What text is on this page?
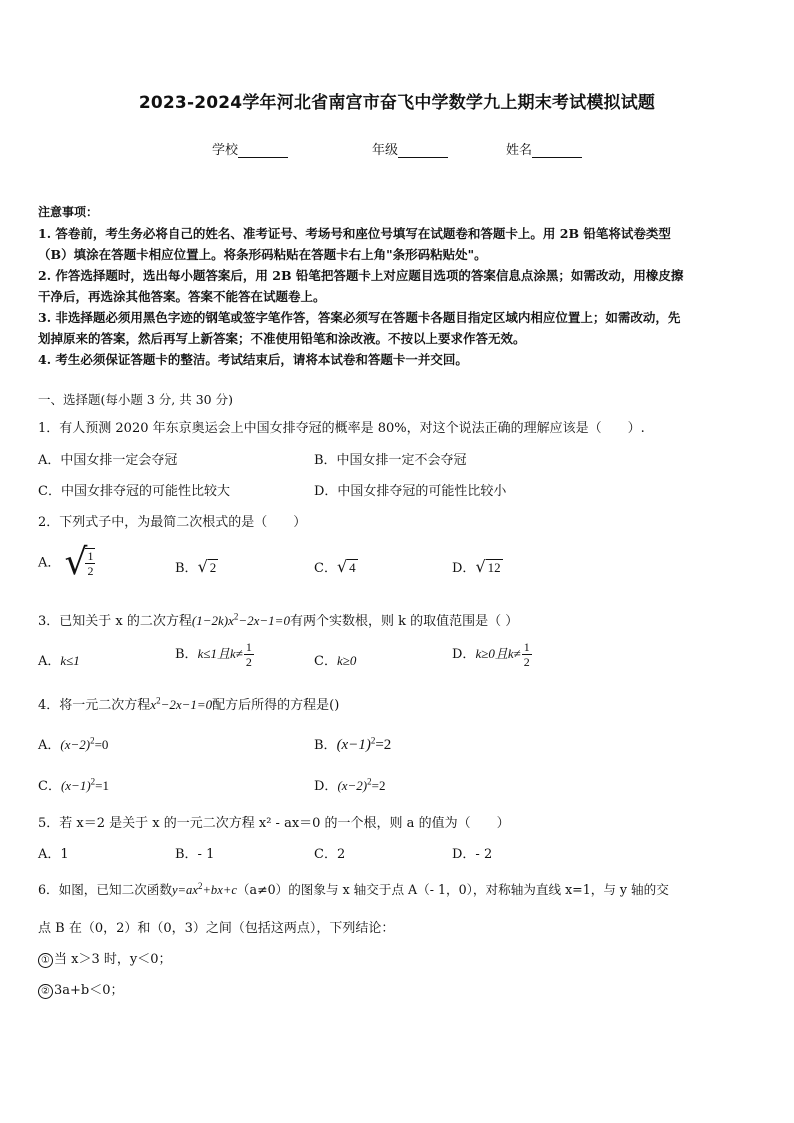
2023-2024学年河北省南宫市奋飞中学数学九上期末考试模拟试题
学校	年级	姓名
注意事项：
1. 答卷前，考生务必将自己的姓名、准考证号、考场号和座位号填写在试题卷和答题卡上。用 2B 铅笔将试卷类型
（B）填涂在答题卡相应位置上。将条形码粘贴在答题卡右上角"条形码粘贴处"。
2. 作答选择题时，选出每小题答案后，用 2B 铅笔把答题卡上对应题目选项的答案信息点涂黑；如需改动，用橡皮擦
干净后，再选涂其他答案。答案不能答在试题卷上。
3. 非选择题必须用黑色字迹的钢笔或签字笔作答，答案必须写在答题卡各题目指定区域内相应位置上；如需改动，先
划掉原来的答案，然后再写上新答案；不准使用铅笔和涂改液。不按以上要求作答无效。
4. 考生必须保证答题卡的整洁。考试结束后，请将本试卷和答题卡一并交回。
一、选择题(每小题 3 分, 共 30 分)
1．有人预测 2020 年东京奥运会上中国女排夺冠的概率是 80%，对这个说法正确的理解应该是（　　）.
A．中国女排一定会夺冠	B．中国女排一定不会夺冠
C．中国女排夺冠的可能性比较大	D．中国女排夺冠的可能性比较小
2．下列式子中，为最简二次根式的是（　　）
A． √
$\frac{1}{2}$	B．√ 2	C．√ 4	D．√ 12
3．已知关于 x 的二次方程$(1-2k)x^2-2x-1=0$有两个实数根，则 k 的取值范围是（ ）
A．k≤1	B．k≤1且$k\ne \frac{1}{2}$	C．k≥0	D．k≥0且$k\ne \frac{1}{2}$
4．将一元二次方程$x^2-2x-1=0$配方后所得的方程是()
A．$(x-2)^2=0$	B．$(x-1)^2=2$
C．$(x-1)^2=1$	D．$(x-2)^2=2$
5．若 x＝2 是关于 x 的一元二次方程 x² - ax＝0 的一个根，则 a 的值为（　　）
A．1	B．- 1	C．2	D．- 2
6．如图，已知二次函数$y=ax^2+bx+c(a\ne 0)$的图象与 x 轴交于点 A（- 1，0），对称轴为直线 x=1，与 y 轴的交
点 B 在（0，2）和（0，3）之间（包括这两点），下列结论：
① 当 x＞3 时，y＜0；
② 3a+b＜0；
